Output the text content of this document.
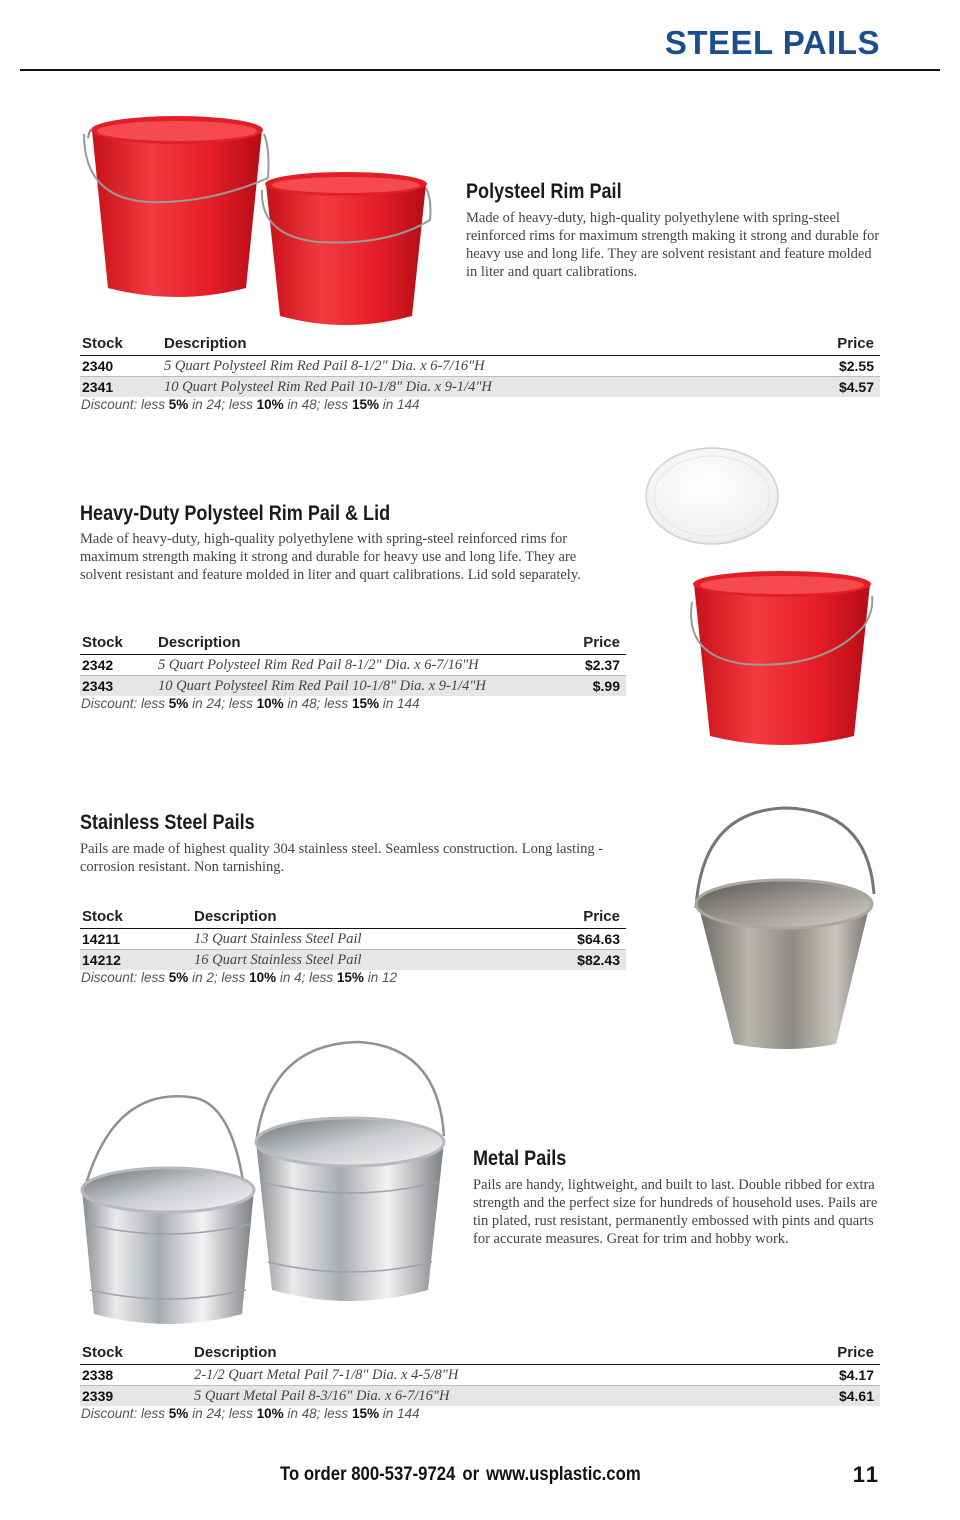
STEEL PAILS
Polysteel Rim Pail
Made of heavy-duty, high-quality polyethylene with spring-steel reinforced rims for maximum strength making it strong and durable for heavy use and long life. They are solvent resistant and feature molded in liter and quart calibrations.
Stock	Description	Price
2340	5 Quart Polysteel Rim Red Pail 8-1/2" Dia. x 6-7/16"H	$2.55
2341	10 Quart Polysteel Rim Red Pail 10-1/8" Dia. x 9-1/4"H	$4.57
Discount: less 5% in 24; less 10% in 48; less 15% in 144
Heavy-Duty Polysteel Rim Pail & Lid
Made of heavy-duty, high-quality polyethylene with spring-steel reinforced rims for maximum strength making it strong and durable for heavy use and long life. They are solvent resistant and feature molded in liter and quart calibrations. Lid sold separately.
Stock	Description	Price
2342	5 Quart Polysteel Rim Red Pail 8-1/2" Dia. x 6-7/16"H	$2.37
2343	10 Quart Polysteel Rim Red Pail 10-1/8" Dia. x 9-1/4"H	$.99
Discount: less 5% in 24; less 10% in 48; less 15% in 144
Stainless Steel Pails
Pails are made of highest quality 304 stainless steel. Seamless construction. Long lasting - corrosion resistant. Non tarnishing.
Stock	Description	Price
14211	13 Quart Stainless Steel Pail	$64.63
14212	16 Quart Stainless Steel Pail	$82.43
Discount: less 5% in 2; less 10% in 4; less 15% in 12
Metal Pails
Pails are handy, lightweight, and built to last. Double ribbed for extra strength and the perfect size for hundreds of household uses. Pails are tin plated, rust resistant, permanently embossed with pints and quarts for accurate measures. Great for trim and hobby work.
Stock	Description	Price
2338	2-1/2 Quart Metal Pail 7-1/8" Dia. x 4-5/8"H	$4.17
2339	5 Quart Metal Pail 8-3/16" Dia. x 6-7/16"H	$4.61
Discount: less 5% in 24; less 10% in 48; less 15% in 144
To order 800-537-9724 or www.usplastic.com	11
